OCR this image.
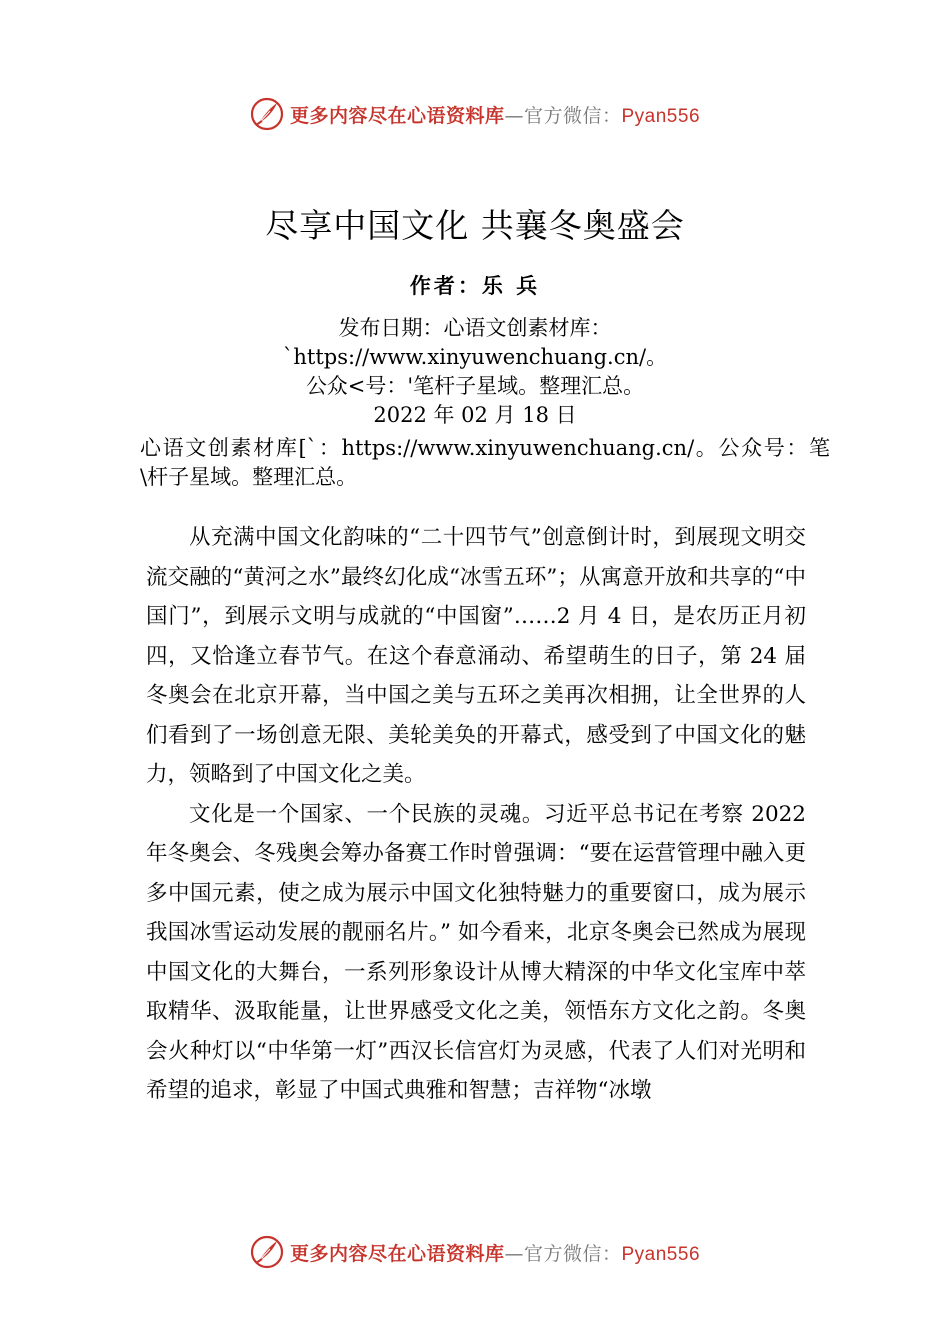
更多内容尽在心语资料库—官方微信：Pyan556
尽享中国文化 共襄冬奥盛会
作者：乐 兵
发布日期：心语文创素材库：
`https://www.xinyuwenchuang.cn/。
公众<号：'笔杆子星域。整理汇总。
2022 年 02 月 18 日
心语文创素材库[`：https://www.xinyuwenchuang.cn/。公众号：笔\杆子星域。整理汇总。

从充满中国文化韵味的“二十四节气”创意倒计时，到展现文明交流交融的“黄河之水”最终幻化成“冰雪五环”；从寓意开放和共享的“中国门”，到展示文明与成就的“中国窗”……2 月 4 日，是农历正月初四，又恰逢立春节气。在这个春意涌动、希望萌生的日子，第 24 届冬奥会在北京开幕，当中国之美与五环之美再次相拥，让全世界的人们看到了一场创意无限、美轮美奂的开幕式，感受到了中国文化的魅力，领略到了中国文化之美。

文化是一个国家、一个民族的灵魂。习近平总书记在考察 2022 年冬奥会、冬残奥会筹办备赛工作时曾强调：“要在运营管理中融入更多中国元素，使之成为展示中国文化独特魅力的重要窗口，成为展示我国冰雪运动发展的靓丽名片。” 如今看来，北京冬奥会已然成为展现中国文化的大舞台，一系列形象设计从博大精深的中华文化宝库中萃取精华、汲取能量，让世界感受文化之美，领悟东方文化之韵。冬奥会火种灯以“中华第一灯”西汉长信宫灯为灵感，代表了人们对光明和希望的追求，彰显了中国式典雅和智慧；吉祥物“冰墩

更多内容尽在心语资料库—官方微信：Pyan556
